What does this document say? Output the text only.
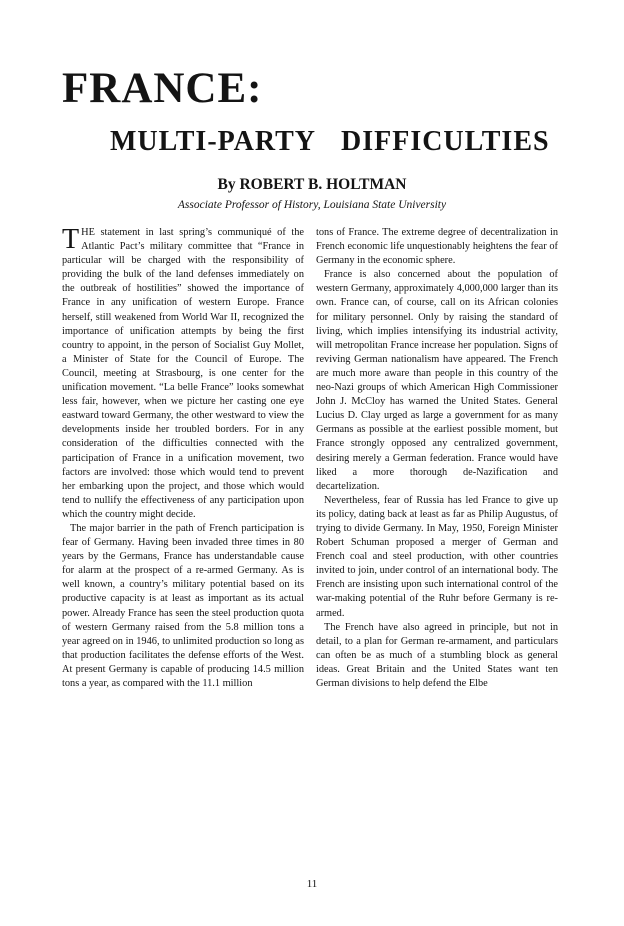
FRANCE:
MULTI-PARTY DIFFICULTIES
By ROBERT B. HOLTMAN
Associate Professor of History, Louisiana State University

THE statement in last spring’s communiqué of the Atlantic Pact’s military committee that “France in particular will be charged with the responsibility of providing the bulk of the land defenses immediately on the outbreak of hostilities” showed the importance of France in any unification of western Europe. France herself, still weakened from World War II, recognized the importance of unification attempts by being the first country to appoint, in the person of Socialist Guy Mollet, a Minister of State for the Council of Europe. The Council, meeting at Strasbourg, is one center for the unification movement. “La belle France” looks somewhat less fair, however, when we picture her casting one eye eastward toward Germany, the other westward to view the developments inside her troubled borders. For in any consideration of the difficulties connected with the participation of France in a unification movement, two factors are involved: those which would tend to prevent her embarking upon the project, and those which would tend to nullify the effectiveness of any participation upon which the country might decide.

The major barrier in the path of French participation is fear of Germany. Having been invaded three times in 80 years by the Germans, France has understandable cause for alarm at the prospect of a re-armed Germany. As is well known, a country’s military potential based on its productive capacity is at least as important as its actual power. Already France has seen the steel production quota of western Germany raised from the 5.8 million tons a year agreed on in 1946, to unlimited production so long as that production facilitates the defense efforts of the West. At present Germany is capable of producing 14.5 million tons a year, as compared with the 11.1 million

tons of France. The extreme degree of decentralization in French economic life unquestionably heightens the fear of Germany in the economic sphere.

France is also concerned about the population of western Germany, approximately 4,000,000 larger than its own. France can, of course, call on its African colonies for military personnel. Only by raising the standard of living, which implies intensifying its industrial activity, will metropolitan France increase her population. Signs of reviving German nationalism have appeared. The French are much more aware than people in this country of the neo-Nazi groups of which American High Commissioner John J. McCloy has warned the United States. General Lucius D. Clay urged as large a government for as many Germans as possible at the earliest possible moment, but France strongly opposed any centralized government, desiring merely a German federation. France would have liked a more thorough de-Nazification and decartelization.

Nevertheless, fear of Russia has led France to give up its policy, dating back at least as far as Philip Augustus, of trying to divide Germany. In May, 1950, Foreign Minister Robert Schuman proposed a merger of German and French coal and steel production, with other countries invited to join, under control of an international body. The French are insisting upon such international control of the war-making potential of the Ruhr before Germany is re-armed.

The French have also agreed in principle, but not in detail, to a plan for German re-armament, and particulars can often be as much of a stumbling block as general ideas. Great Britain and the United States want ten German divisions to help defend the Elbe

11
